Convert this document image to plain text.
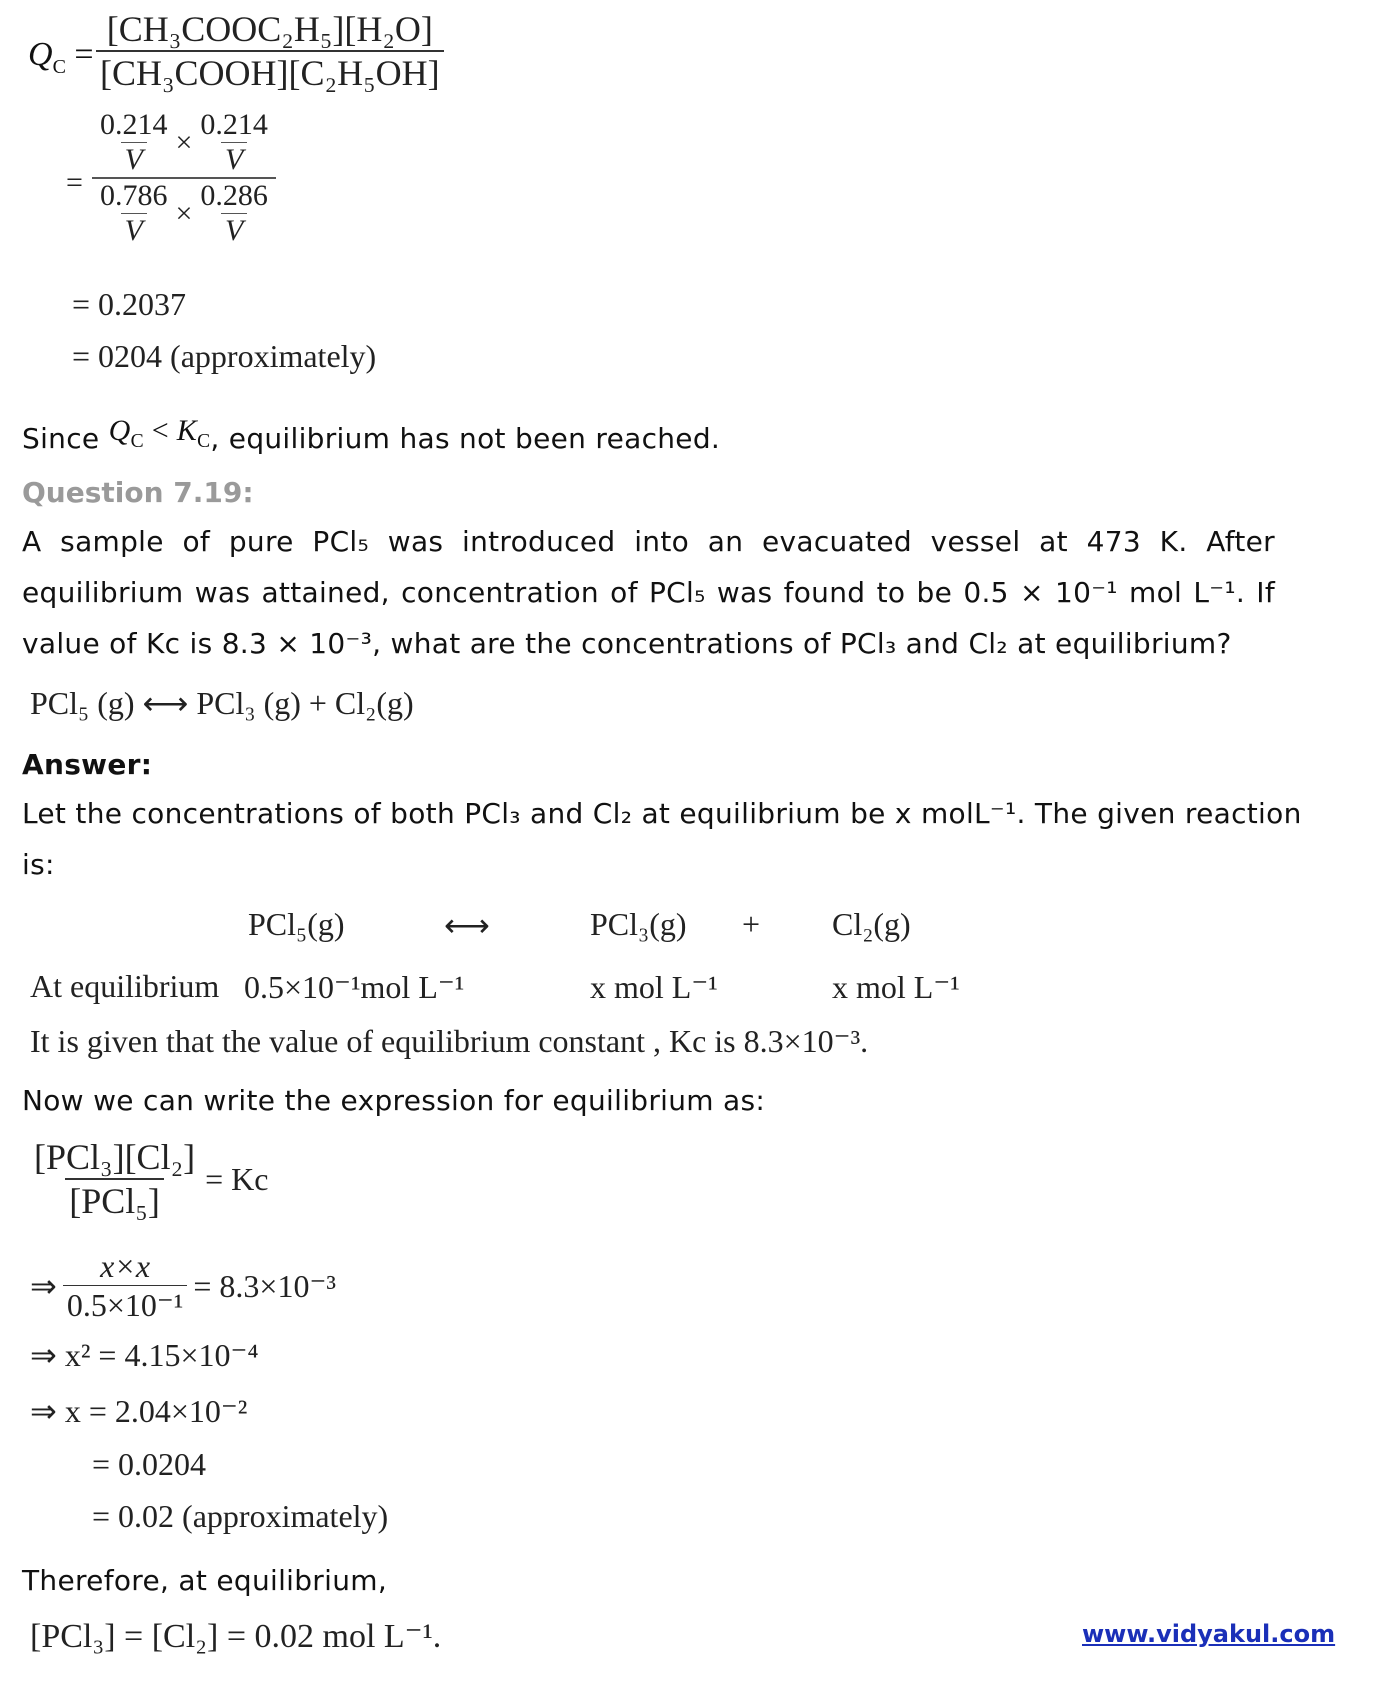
$Q_C = \frac{\text{[CH₃COOC₂H₅][H₂O]}}{\text{[CH₃COOH][C₂H₅OH]}}$
= $\frac{\frac{0.214}{V} \times \frac{0.214}{V}}{\frac{0.786}{V} \times \frac{0.286}{V}}$
= 0.2037
= 0204 (approximately)
Since $Q_C < K_C$, equilibrium has not been reached.
Question 7.19:
A sample of pure PCl₅ was introduced into an evacuated vessel at 473 K. After
equilibrium was attained, concentration of PCl₅ was found to be 0.5 × 10⁻¹ mol L⁻¹. If
value of Kc is 8.3 × 10⁻³, what are the concentrations of PCl₃ and Cl₂ at equilibrium?
PCl₅ (g) ⟷ PCl₃ (g) + Cl₂(g)
Answer:
Let the concentrations of both PCl₃ and Cl₂ at equilibrium be x molL⁻¹. The given reaction
is:
PCl₅(g)	⟷	PCl₃(g) + Cl₂(g)
At equilibrium 0.5×10⁻¹mol L⁻¹	x mol L⁻¹	x mol L⁻¹
It is given that the value of equilibrium constant , Kc is 8.3×10⁻³.
Now we can write the expression for equilibrium as:
$\frac{\text{[PCl₃][Cl₂]}}{\text{[PCl₅]}} = Kc$
⇒ $\frac{x\times x}{\text{0.5×10⁻¹}} = 8.3\times 10^{-3}$
⇒ x² = 4.15×10⁻⁴
⇒ x = 2.04×10⁻²
= 0.0204
= 0.02 (approximately)
Therefore, at equilibrium,
[PCl₃] = [Cl₂] = 0.02 mol L⁻¹.	www.vidyakul.com
